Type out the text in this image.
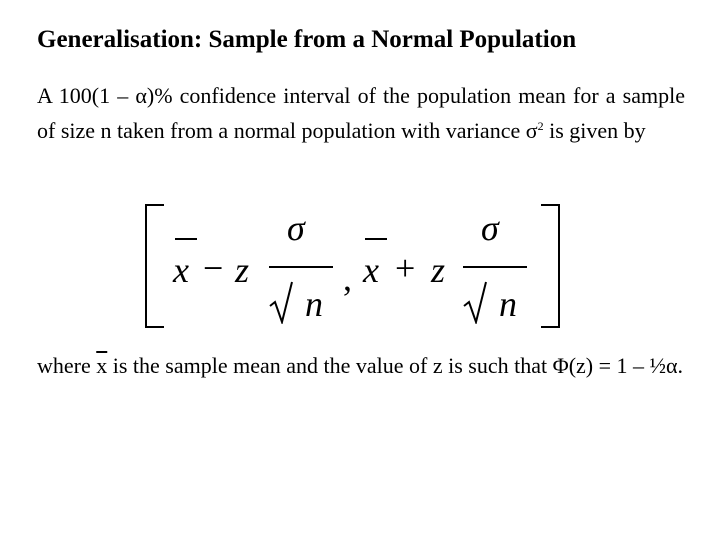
Generalisation: Sample from a Normal Population
A 100(1 – α)% confidence interval of the population mean for a sample of size n taken from a normal population with variance $\sigma^2$ is given by
x − z
σ
n
, x + z
σ
n
where $\overline{x}$ is the sample mean and the value of z is such that Φ(z) = 1 – ½α.
